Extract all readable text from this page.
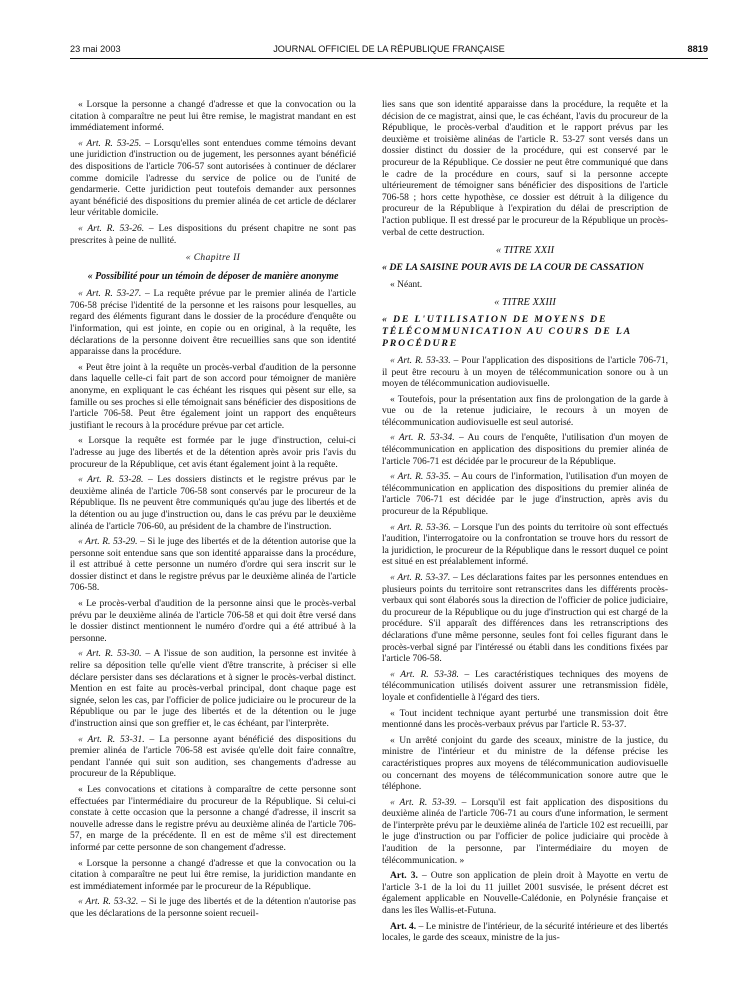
23 mai 2003	JOURNAL OFFICIEL DE LA RÉPUBLIQUE FRANÇAISE	8819

« Lorsque la personne a changé d'adresse et que la convocation ou la citation à comparaître ne peut lui être remise, le magistrat mandant en est immédiatement informé.

« Art. R. 53-25. – Lorsqu'elles sont entendues comme témoins devant une juridiction d'instruction ou de jugement, les personnes ayant bénéficié des dispositions de l'article 706-57 sont autorisées à continuer de déclarer comme domicile l'adresse du service de police ou de l'unité de gendarmerie. Cette juridiction peut toutefois demander aux personnes ayant bénéficié des dispositions du premier alinéa de cet article de déclarer leur véritable domicile.

« Art. R. 53-26. – Les dispositions du présent chapitre ne sont pas prescrites à peine de nullité.

« Chapitre II
« Possibilité pour un témoin de déposer de manière anonyme

« Art. R. 53-27. – La requête prévue par le premier alinéa de l'article 706-58 précise l'identité de la personne et les raisons pour lesquelles, au regard des éléments figurant dans le dossier de la procédure d'enquête ou l'information, qui est jointe, en copie ou en original, à la requête, les déclarations de la personne doivent être recueillies sans que son identité apparaisse dans la procédure.

« Peut être joint à la requête un procès-verbal d'audition de la personne dans laquelle celle-ci fait part de son accord pour témoigner de manière anonyme, en expliquant le cas échéant les risques qui pèsent sur elle, sa famille ou ses proches si elle témoignait sans bénéficier des dispositions de l'article 706-58. Peut être également joint un rapport des enquêteurs justifiant le recours à la procédure prévue par cet article.

« Lorsque la requête est formée par le juge d'instruction, celui-ci l'adresse au juge des libertés et de la détention après avoir pris l'avis du procureur de la République, cet avis étant également joint à la requête.

« Art. R. 53-28. – Les dossiers distincts et le registre prévus par le deuxième alinéa de l'article 706-58 sont conservés par le procureur de la République. Ils ne peuvent être communiqués qu'au juge des libertés et de la détention ou au juge d'instruction ou, dans le cas prévu par le deuxième alinéa de l'article 706-60, au président de la chambre de l'instruction.

« Art. R. 53-29. – Si le juge des libertés et de la détention autorise que la personne soit entendue sans que son identité apparaisse dans la procédure, il est attribué à cette personne un numéro d'ordre qui sera inscrit sur le dossier distinct et dans le registre prévus par le deuxième alinéa de l'article 706-58.

« Le procès-verbal d'audition de la personne ainsi que le procès-verbal prévu par le deuxième alinéa de l'article 706-58 et qui doit être versé dans le dossier distinct mentionnent le numéro d'ordre qui a été attribué à la personne.

« Art. R. 53-30. – A l'issue de son audition, la personne est invitée à relire sa déposition telle qu'elle vient d'être transcrite, à préciser si elle déclare persister dans ses déclarations et à signer le procès-verbal distinct. Mention en est faite au procès-verbal principal, dont chaque page est signée, selon les cas, par l'officier de police judiciaire ou le procureur de la République ou par le juge des libertés et de la détention ou le juge d'instruction ainsi que son greffier et, le cas échéant, par l'interprète.

« Art. R. 53-31. – La personne ayant bénéficié des dispositions du premier alinéa de l'article 706-58 est avisée qu'elle doit faire connaître, pendant l'année qui suit son audition, ses changements d'adresse au procureur de la République.

« Les convocations et citations à comparaître de cette personne sont effectuées par l'intermédiaire du procureur de la République. Si celui-ci constate à cette occasion que la personne a changé d'adresse, il inscrit sa nouvelle adresse dans le registre prévu au deuxième alinéa de l'article 706-57, en marge de la précédente. Il en est de même s'il est directement informé par cette personne de son changement d'adresse.

« Lorsque la personne a changé d'adresse et que la convocation ou la citation à comparaître ne peut lui être remise, la juridiction mandante en est immédiatement informée par le procureur de la République.

« Art. R. 53-32. – Si le juge des libertés et de la détention n'autorise pas que les déclarations de la personne soient recueil-

lies sans que son identité apparaisse dans la procédure, la requête et la décision de ce magistrat, ainsi que, le cas échéant, l'avis du procureur de la République, le procès-verbal d'audition et le rapport prévus par les deuxième et troisième alinéas de l'article R. 53-27 sont versés dans un dossier distinct du dossier de la procédure, qui est conservé par le procureur de la République. Ce dossier ne peut être communiqué que dans le cadre de la procédure en cours, sauf si la personne accepte ultérieurement de témoigner sans bénéficier des dispositions de l'article 706-58 ; hors cette hypothèse, ce dossier est détruit à la diligence du procureur de la République à l'expiration du délai de prescription de l'action publique. Il est dressé par le procureur de la République un procès-verbal de cette destruction.

« TITRE XXII
« DE LA SAISINE POUR AVIS DE LA COUR DE CASSATION

« Néant.

« TITRE XXIII
« DE L'UTILISATION DE MOYENS DE TÉLÉCOMMUNICATION AU COURS DE LA PROCÉDURE

« Art. R. 53-33. – Pour l'application des dispositions de l'article 706-71, il peut être recouru à un moyen de télécommunication sonore ou à un moyen de télécommunication audiovisuelle.

« Toutefois, pour la présentation aux fins de prolongation de la garde à vue ou de la retenue judiciaire, le recours à un moyen de télécommunication audiovisuelle est seul autorisé.

« Art. R. 53-34. – Au cours de l'enquête, l'utilisation d'un moyen de télécommunication en application des dispositions du premier alinéa de l'article 706-71 est décidée par le procureur de la République.

« Art. R. 53-35. – Au cours de l'information, l'utilisation d'un moyen de télécommunication en application des dispositions du premier alinéa de l'article 706-71 est décidée par le juge d'instruction, après avis du procureur de la République.

« Art. R. 53-36. – Lorsque l'un des points du territoire où sont effectués l'audition, l'interrogatoire ou la confrontation se trouve hors du ressort de la juridiction, le procureur de la République dans le ressort duquel ce point est situé en est préalablement informé.

« Art. R. 53-37. – Les déclarations faites par les personnes entendues en plusieurs points du territoire sont retranscrites dans les différents procès-verbaux qui sont élaborés sous la direction de l'officier de police judiciaire, du procureur de la République ou du juge d'instruction qui est chargé de la procédure. S'il apparaît des différences dans les retranscriptions des déclarations d'une même personne, seules font foi celles figurant dans le procès-verbal signé par l'intéressé ou établi dans les conditions fixées par l'article 706-58.

« Art. R. 53-38. – Les caractéristiques techniques des moyens de télécommunication utilisés doivent assurer une retransmission fidèle, loyale et confidentielle à l'égard des tiers.

« Tout incident technique ayant perturbé une transmission doit être mentionné dans les procès-verbaux prévus par l'article R. 53-37.

« Un arrêté conjoint du garde des sceaux, ministre de la justice, du ministre de l'intérieur et du ministre de la défense précise les caractéristiques propres aux moyens de télécommunication audiovisuelle ou concernant des moyens de télécommunication sonore autre que le téléphone.

« Art. R. 53-39. – Lorsqu'il est fait application des dispositions du deuxième alinéa de l'article 706-71 au cours d'une information, le serment de l'interprète prévu par le deuxième alinéa de l'article 102 est recueilli, par le juge d'instruction ou par l'officier de police judiciaire qui procède à l'audition de la personne, par l'intermédiaire du moyen de télécommunication. »

Art. 3. – Outre son application de plein droit à Mayotte en vertu de l'article 3-1 de la loi du 11 juillet 2001 susvisée, le présent décret est également applicable en Nouvelle-Calédonie, en Polynésie française et dans les îles Wallis-et-Futuna.

Art. 4. – Le ministre de l'intérieur, de la sécurité intérieure et des libertés locales, le garde des sceaux, ministre de la jus-
